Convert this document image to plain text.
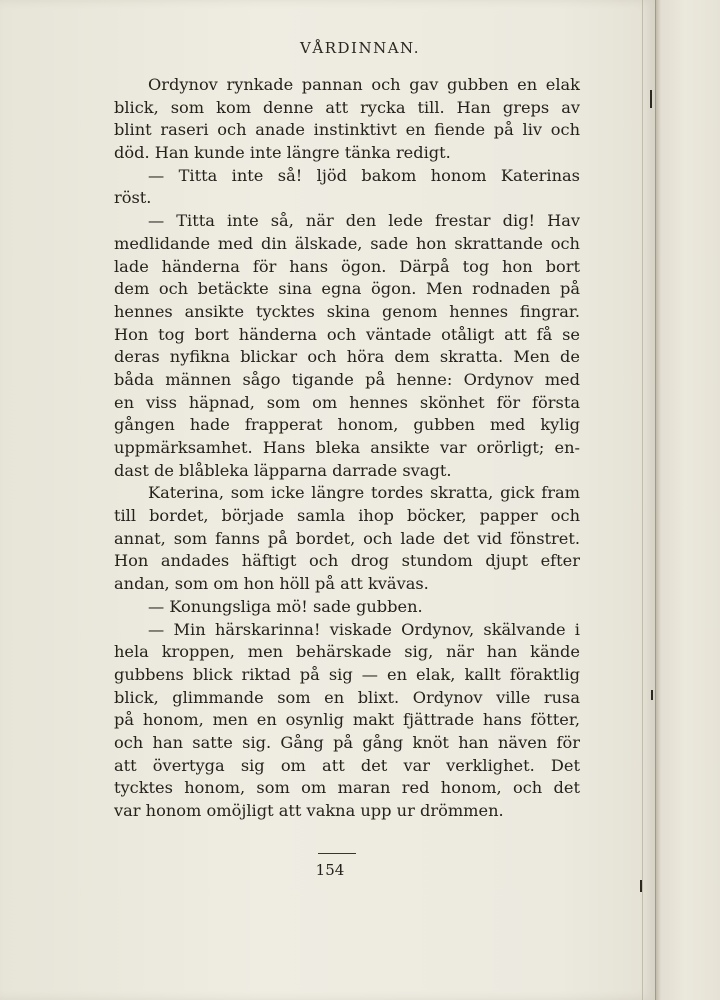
VÅRDINNAN.
Ordynov rynkade pannan och gav gubben en elak
blick, som kom denne att rycka till. Han greps av
blint raseri och anade instinktivt en fiende på liv och
död. Han kunde inte längre tänka redigt.
— Titta inte så! ljöd bakom honom Katerinas
röst.
— Titta inte så, när den lede frestar dig! Hav
medlidande med din älskade, sade hon skrattande och
lade händerna för hans ögon. Därpå tog hon bort
dem och betäckte sina egna ögon. Men rodnaden på
hennes ansikte tycktes skina genom hennes fingrar.
Hon tog bort händerna och väntade otåligt att få se
deras nyfikna blickar och höra dem skratta. Men de
båda männen sågo tigande på henne: Ordynov med
en viss häpnad, som om hennes skönhet för första
gången hade frapperat honom, gubben med kylig
uppmärksamhet. Hans bleka ansikte var orörligt; en-
dast de blåbleka läpparna darrade svagt.
Katerina, som icke längre tordes skratta, gick fram
till bordet, började samla ihop böcker, papper och
annat, som fanns på bordet, och lade det vid fönstret.
Hon andades häftigt och drog stundom djupt efter
andan, som om hon höll på att kvävas.
— Konungsliga mö! sade gubben.
— Min härskarinna! viskade Ordynov, skälvande i
hela kroppen, men behärskade sig, när han kände
gubbens blick riktad på sig — en elak, kallt föraktlig
blick, glimmande som en blixt. Ordynov ville rusa
på honom, men en osynlig makt fjättrade hans fötter,
och han satte sig. Gång på gång knöt han näven för
att övertyga sig om att det var verklighet. Det
tycktes honom, som om maran red honom, och det
var honom omöjligt att vakna upp ur drömmen.
154
